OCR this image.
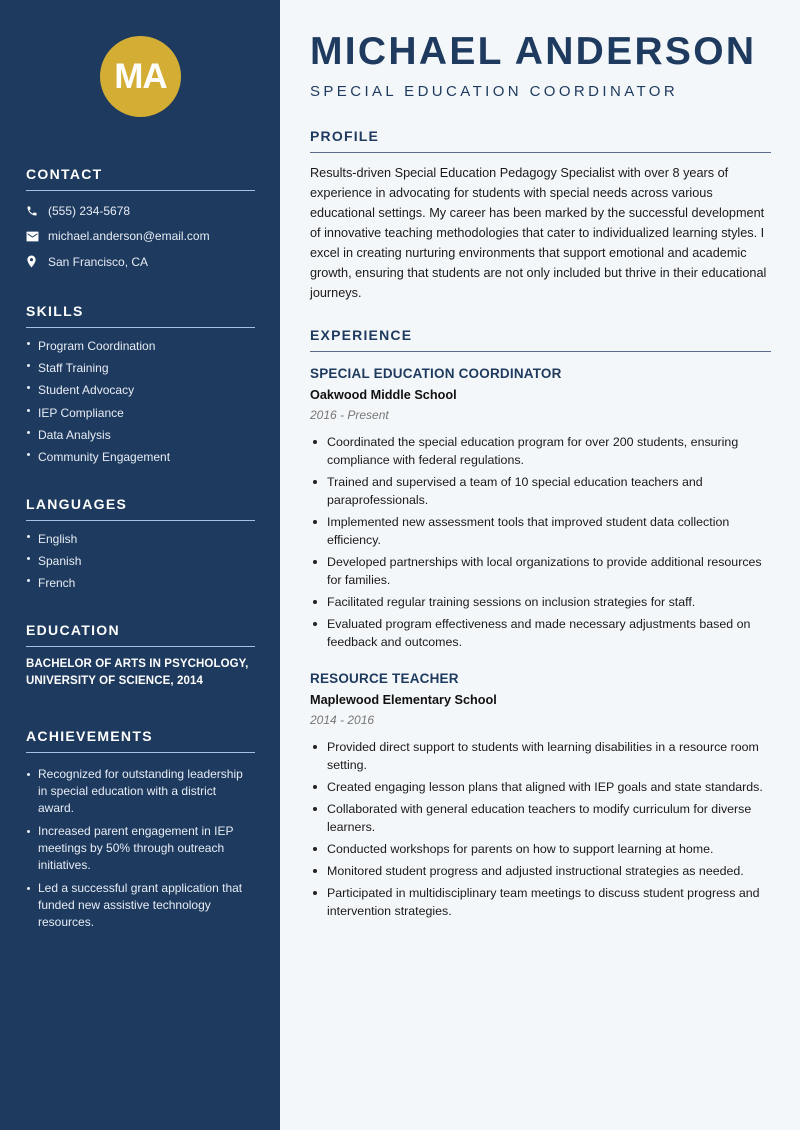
MA
CONTACT
(555) 234-5678
michael.anderson@email.com
San Francisco, CA
SKILLS
Program Coordination
Staff Training
Student Advocacy
IEP Compliance
Data Analysis
Community Engagement
LANGUAGES
English
Spanish
French
EDUCATION
BACHELOR OF ARTS IN PSYCHOLOGY,
UNIVERSITY OF SCIENCE, 2014
ACHIEVEMENTS
Recognized for outstanding leadership in special education with a district award.
Increased parent engagement in IEP meetings by 50% through outreach initiatives.
Led a successful grant application that funded new assistive technology resources.
MICHAEL ANDERSON
SPECIAL EDUCATION COORDINATOR
PROFILE

Results-driven Special Education Pedagogy Specialist with over 8 years of experience in advocating for students with special needs across various educational settings. My career has been marked by the successful development of innovative teaching methodologies that cater to individualized learning styles. I excel in creating nurturing environments that support emotional and academic growth, ensuring that students are not only included but thrive in their educational journeys.

EXPERIENCE
SPECIAL EDUCATION COORDINATOR
Oakwood Middle School
2016 - Present
Coordinated the special education program for over 200 students, ensuring compliance with federal regulations.
Trained and supervised a team of 10 special education teachers and paraprofessionals.
Implemented new assessment tools that improved student data collection efficiency.
Developed partnerships with local organizations to provide additional resources for families.
Facilitated regular training sessions on inclusion strategies for staff.
Evaluated program effectiveness and made necessary adjustments based on feedback and outcomes.
RESOURCE TEACHER
Maplewood Elementary School
2014 - 2016
Provided direct support to students with learning disabilities in a resource room setting.
Created engaging lesson plans that aligned with IEP goals and state standards.
Collaborated with general education teachers to modify curriculum for diverse learners.
Conducted workshops for parents on how to support learning at home.
Monitored student progress and adjusted instructional strategies as needed.
Participated in multidisciplinary team meetings to discuss student progress and intervention strategies.
